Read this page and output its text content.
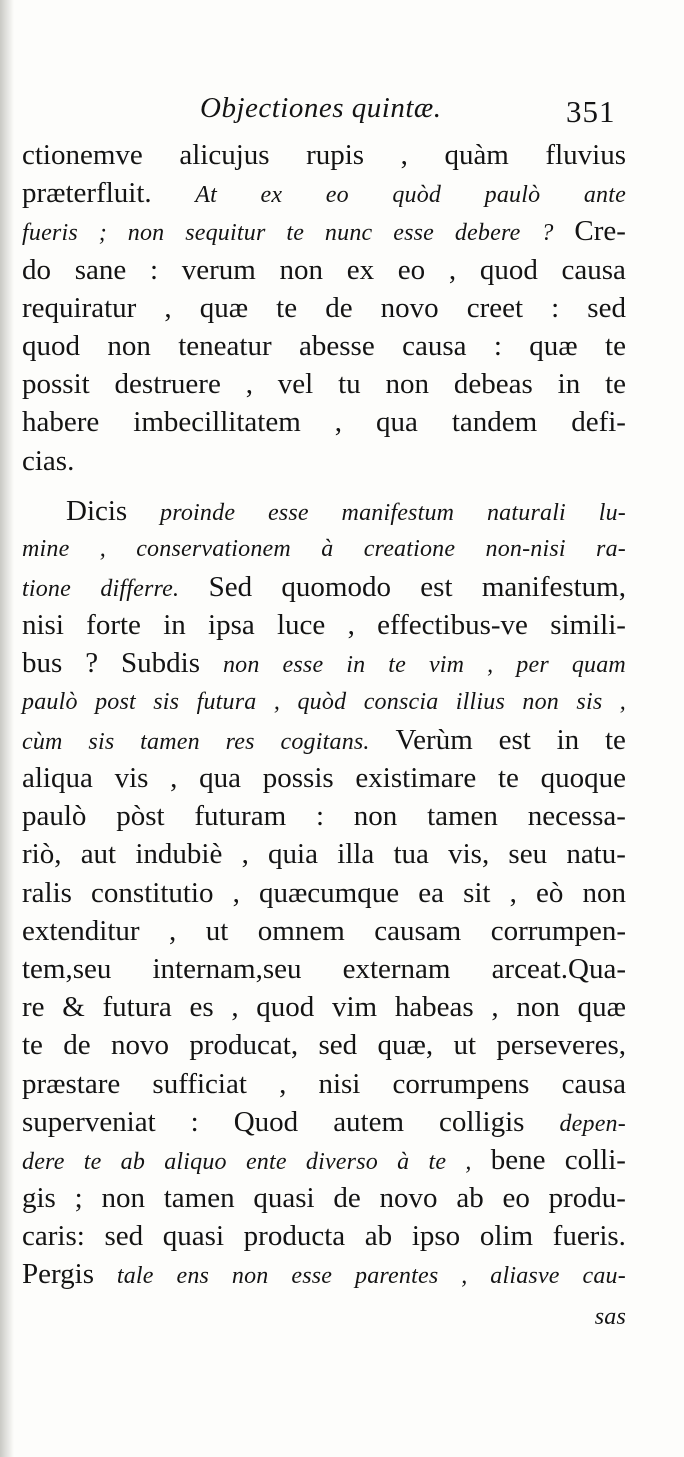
Objectiones quintæ.	351
ctionemve alicujus rupis , quàm fluvius
præterfluit. At ex eo quòd paulò ante
fueris ; non sequitur te nunc esse debere ? Cre-
do sane : verum non ex eo , quod causa
requiratur , quæ te de novo creet : sed
quod non teneatur abesse causa : quæ te
possit destruere , vel tu non debeas in te
habere imbecillitatem , qua tandem defi-
cias.
Dicis proinde esse manifestum naturali lu-
mine , conservationem à creatione non-nisi ra-
tione differre. Sed quomodo est manifestum,
nisi forte in ipsa luce , effectibus-ve simili-
bus ? Subdis non esse in te vim , per quam
paulò post sis futura , quòd conscia illius non sis ,
cùm sis tamen res cogitans. Verùm est in te
aliqua vis , qua possis existimare te quoque
paulò pòst futuram : non tamen necessa-
riò, aut indubiè , quia illa tua vis, seu natu-
ralis constitutio , quæcumque ea sit , eò non
extenditur , ut omnem causam corrumpen-
tem,seu internam,seu externam arceat.Qua-
re & futura es , quod vim habeas , non quæ
te de novo producat, sed quæ, ut perseveres,
præstare sufficiat , nisi corrumpens causa
superveniat : Quod autem colligis depen-
dere te ab aliquo ente diverso à te , bene colli-
gis ; non tamen quasi de novo ab eo produ-
caris: sed quasi producta ab ipso olim fueris.
Pergis tale ens non esse parentes , aliasve cau-
sas
